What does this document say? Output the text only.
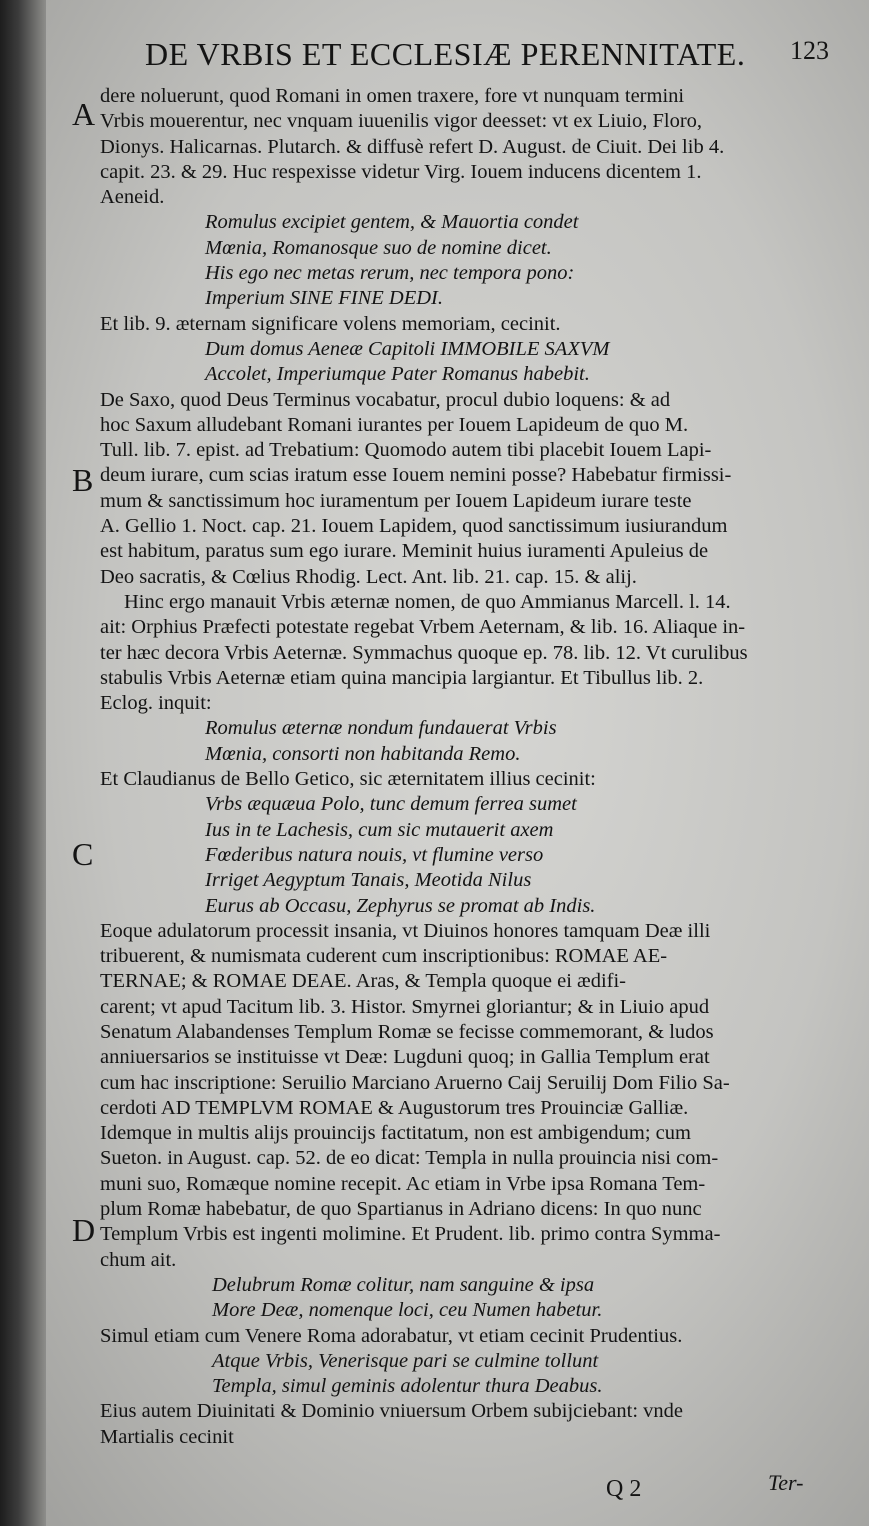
DE VRBIS ET ECCLESIÆ PERENNITATE. 123
A
B
C
D
dere noluerunt, quod Romani in omen traxere, fore vt nunquam termini
Vrbis mouerentur, nec vnquam iuuenilis vigor deesset: vt ex Liuio, Floro,
Dionys. Halicarnas. Plutarch. & diffusè refert D. August. de Ciuit. Dei lib 4.
capit. 23. & 29. Huc respexisse videtur Virg. Iouem inducens dicentem 1.
Aeneid.
Romulus excipiet gentem, & Mauortia condet
Mœnia, Romanosque suo de nomine dicet.
His ego nec metas rerum, nec tempora pono:
Imperium SINE FINE DEDI.
Et lib. 9. æternam significare volens memoriam, cecinit.
Dum domus Aeneæ Capitoli IMMOBILE SAXVM
Accolet, Imperiumque Pater Romanus habebit.
De Saxo, quod Deus Terminus vocabatur, procul dubio loquens: & ad
hoc Saxum alludebant Romani iurantes per Iouem Lapideum de quo M.
Tull. lib. 7. epist. ad Trebatium: Quomodo autem tibi placebit Iouem Lapi-
deum iurare, cum scias iratum esse Iouem nemini posse? Habebatur firmissi-
mum & sanctissimum hoc iuramentum per Iouem Lapideum iurare teste
A. Gellio 1. Noct. cap. 21. Iouem Lapidem, quod sanctissimum iusiurandum
est habitum, paratus sum ego iurare. Meminit huius iuramenti Apuleius de
Deo sacratis, & Cœlius Rhodig. Lect. Ant. lib. 21. cap. 15. & alij.
Hinc ergo manauit Vrbis æternæ nomen, de quo Ammianus Marcell. l. 14.
ait: Orphius Præfecti potestate regebat Vrbem Aeternam, & lib. 16. Aliaque in-
ter hæc decora Vrbis Aeternæ. Symmachus quoque ep. 78. lib. 12. Vt curulibus
stabulis Vrbis Aeternæ etiam quina mancipia largiantur. Et Tibullus lib. 2.
Eclog. inquit:
Romulus æternæ nondum fundauerat Vrbis
Mœnia, consorti non habitanda Remo.
Et Claudianus de Bello Getico, sic æternitatem illius cecinit:
Vrbs æquæua Polo, tunc demum ferrea sumet
Ius in te Lachesis, cum sic mutauerit axem
Fœderibus natura nouis, vt flumine verso
Irriget Aegyptum Tanais, Meotida Nilus
Eurus ab Occasu, Zephyrus se promat ab Indis.
Eoque adulatorum processit insania, vt Diuinos honores tamquam Deæ illi
tribuerent, & numismata cuderent cum inscriptionibus: ROMAE AE-
TERNAE; & ROMAE DEAE. Aras, & Templa quoque ei ædifi-
carent; vt apud Tacitum lib. 3. Histor. Smyrnei gloriantur; & in Liuio apud
Senatum Alabandenses Templum Romæ se fecisse commemorant, & ludos
anniuersarios se instituisse vt Deæ: Lugduni quoq; in Gallia Templum erat
cum hac inscriptione: Seruilio Marciano Aruerno Caij Seruilij Dom Filio Sa-
cerdoti AD TEMPLVM ROMAE & Augustorum tres Prouinciæ Galliæ.
Idemque in multis alijs prouincijs factitatum, non est ambigendum; cum
Sueton. in August. cap. 52. de eo dicat: Templa in nulla prouincia nisi com-
muni suo, Romæque nomine recepit. Ac etiam in Vrbe ipsa Romana Tem-
plum Romæ habebatur, de quo Spartianus in Adriano dicens: In quo nunc
Templum Vrbis est ingenti molimine. Et Prudent. lib. primo contra Symma-
chum ait.
Delubrum Romæ colitur, nam sanguine & ipsa
More Deæ, nomenque loci, ceu Numen habetur.
Simul etiam cum Venere Roma adorabatur, vt etiam cecinit Prudentius.
Atque Vrbis, Venerisque pari se culmine tollunt
Templa, simul geminis adolentur thura Deabus.
Eius autem Diuinitati & Dominio vniuersum Orbem subijciebant: vnde
Martialis cecinit
Q 2	Ter-
